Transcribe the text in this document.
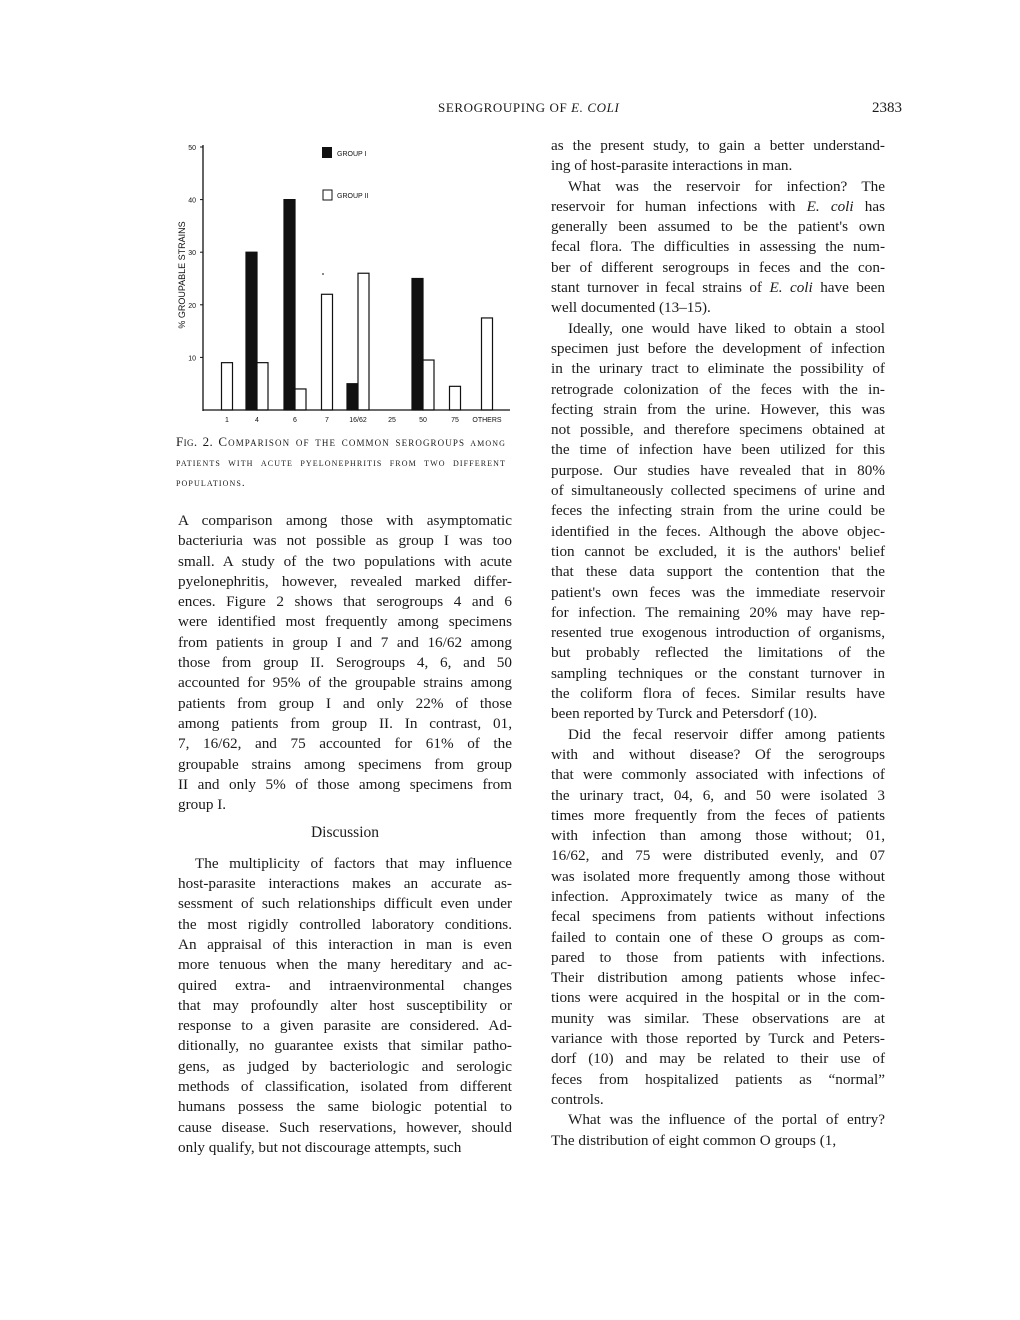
SEROGROUPING OF E. COLI	2383
10
20
30
40
50
1	4	6	7	16/62	25	50	75 OTHERS
% GROUPABLE STRAINS
GROUP I
GROUP II
Fig. 2. Comparison of the common serogroups among patients with acute pyelonephritis from two different populations.

A comparison among those with asymptomatic
bacteriuria was not possible as group I was too
small. A study of the two populations with acute
pyelonephritis, however, revealed marked differ-
ences. Figure 2 shows that serogroups 4 and 6
were identified most frequently among specimens
from patients in group I and 7 and 16/62 among
those from group II. Serogroups 4, 6, and 50
accounted for 95% of the groupable strains among
patients from group I and only 22% of those
among patients from group II. In contrast, 01,
7, 16/62, and 75 accounted for 61% of the
groupable strains among specimens from group
II and only 5% of those among specimens from
group I.

Discussion

The multiplicity of factors that may influence
host-parasite interactions makes an accurate as-
sessment of such relationships difficult even under
the most rigidly controlled laboratory conditions.
An appraisal of this interaction in man is even
more tenuous when the many hereditary and ac-
quired extra- and intraenvironmental changes
that may profoundly alter host susceptibility or
response to a given parasite are considered. Ad-
ditionally, no guarantee exists that similar patho-
gens, as judged by bacteriologic and serologic
methods of classification, isolated from different
humans possess the same biologic potential to
cause disease. Such reservations, however, should
only qualify, but not discourage attempts, such

as the present study, to gain a better understand-
ing of host-parasite interactions in man.

What was the reservoir for infection? The
reservoir for human infections with E. coli has
generally been assumed to be the patient's own
fecal flora. The difficulties in assessing the num-
ber of different serogroups in feces and the con-
stant turnover in fecal strains of E. coli have been
well documented (13–15).

Ideally, one would have liked to obtain a stool
specimen just before the development of infection
in the urinary tract to eliminate the possibility of
retrograde colonization of the feces with the in-
fecting strain from the urine. However, this was
not possible, and therefore specimens obtained at
the time of infection have been utilized for this
purpose. Our studies have revealed that in 80%
of simultaneously collected specimens of urine and
feces the infecting strain from the urine could be
identified in the feces. Although the above objec-
tion cannot be excluded, it is the authors' belief
that these data support the contention that the
patient's own feces was the immediate reservoir
for infection. The remaining 20% may have rep-
resented true exogenous introduction of organisms,
but probably reflected the limitations of the
sampling techniques or the constant turnover in
the coliform flora of feces. Similar results have
been reported by Turck and Petersdorf (10).

Did the fecal reservoir differ among patients
with and without disease? Of the serogroups
that were commonly associated with infections of
the urinary tract, 04, 6, and 50 were isolated 3
times more frequently from the feces of patients
with infection than among those without; 01,
16/62, and 75 were distributed evenly, and 07
was isolated more frequently among those without
infection. Approximately twice as many of the
fecal specimens from patients without infections
failed to contain one of these O groups as com-
pared to those from patients with infections.
Their distribution among patients whose infec-
tions were acquired in the hospital or in the com-
munity was similar. These observations are at
variance with those reported by Turck and Peters-
dorf (10) and may be related to their use of
feces from hospitalized patients as “normal”
controls.

What was the influence of the portal of entry?
The distribution of eight common O groups (1,
